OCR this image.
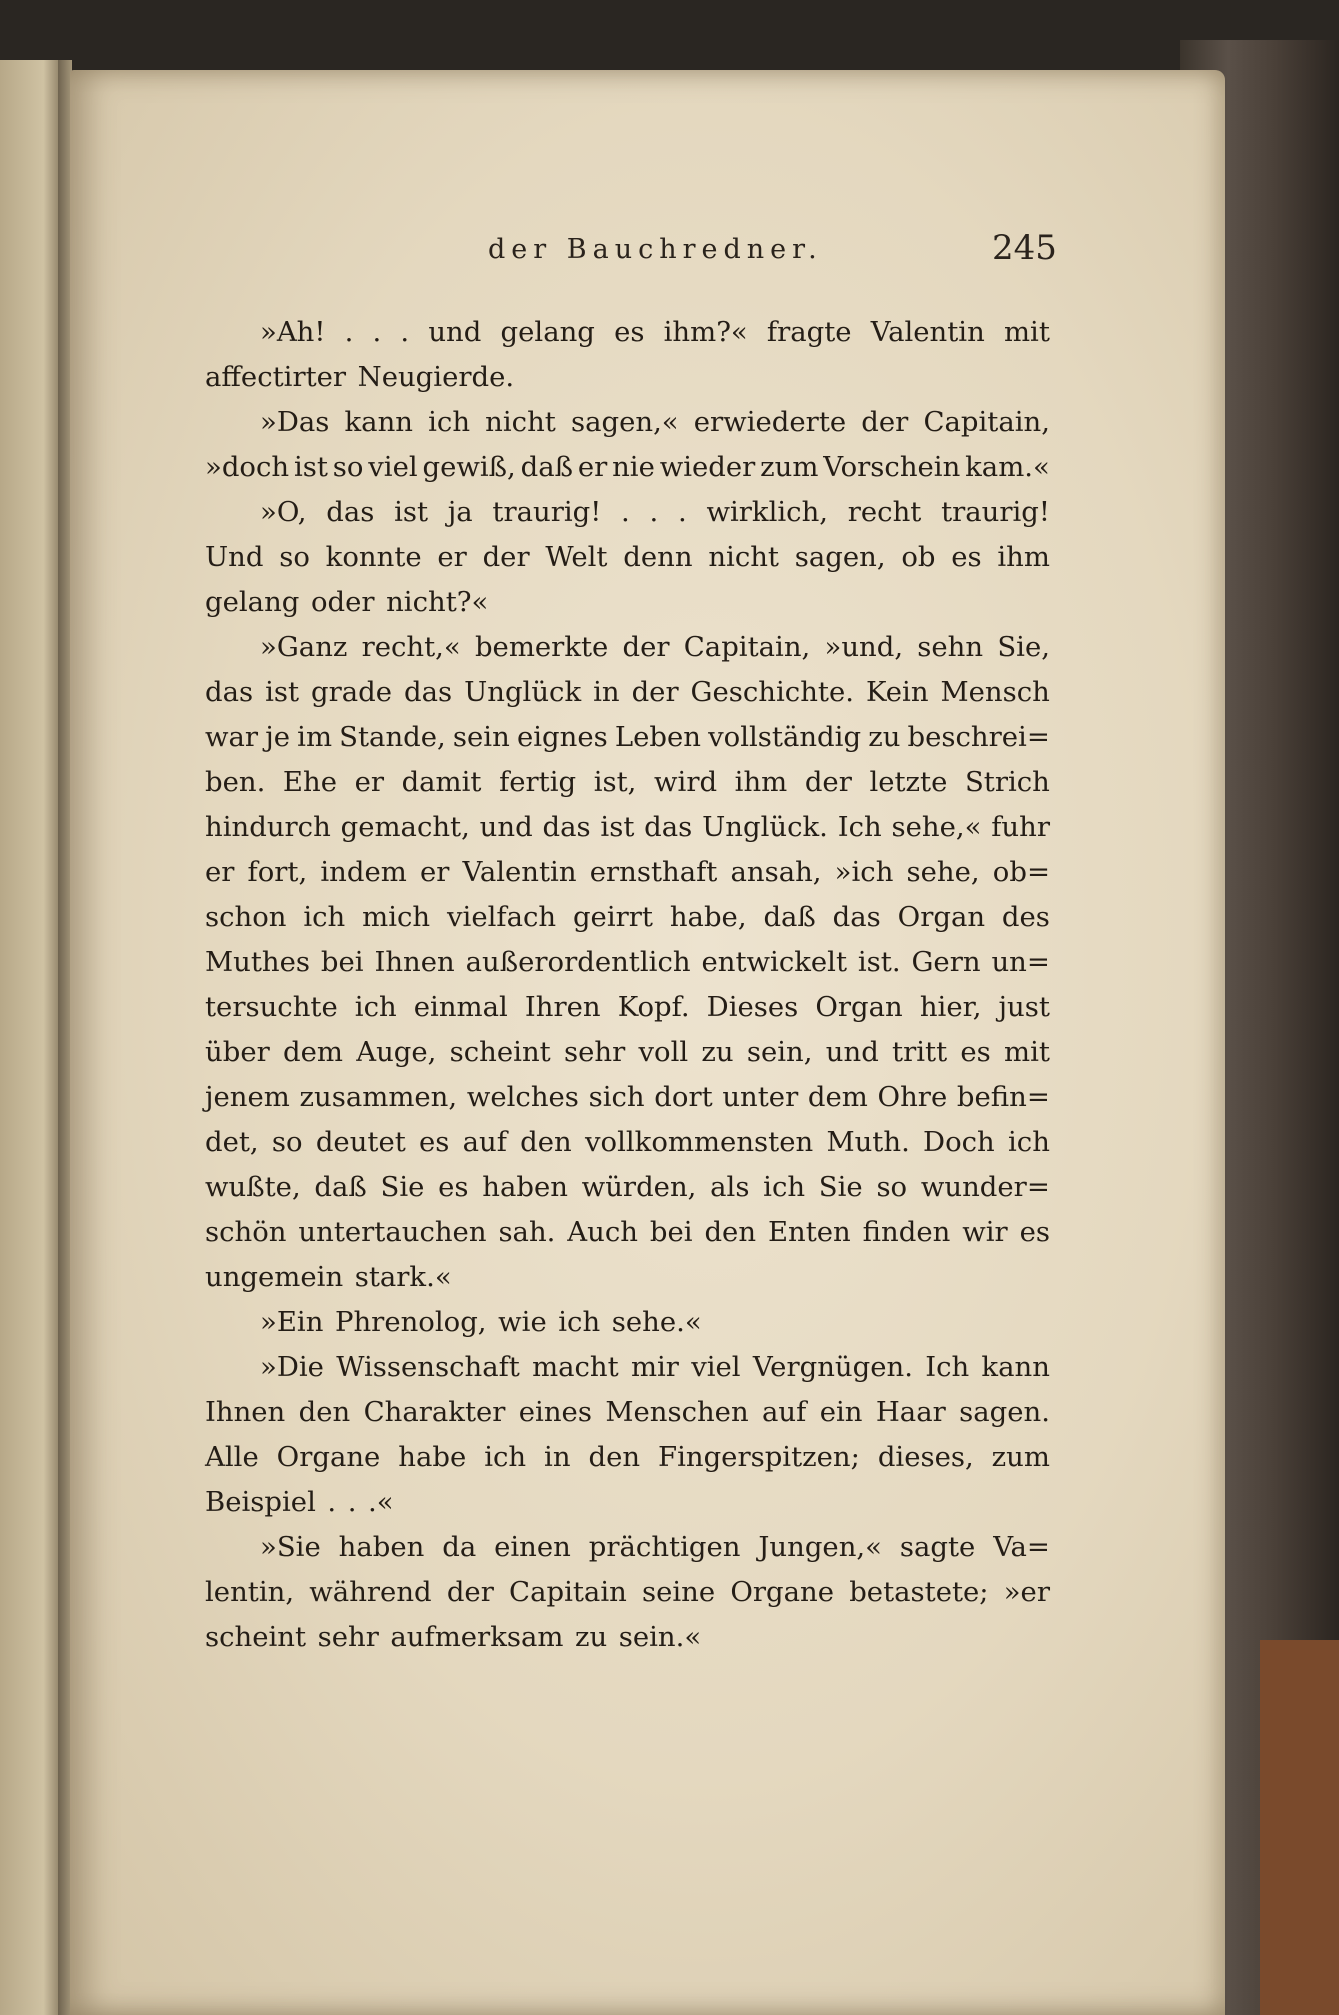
der Bauchredner.	245
»Ah! . . . und gelang es ihm?« fragte Valentin mit
affectirter Neugierde.
»Das kann ich nicht sagen,« erwiederte der Capitain,
»doch ist so viel gewiß, daß er nie wieder zum Vorschein kam.«
»O, das ist ja traurig! . . . wirklich, recht traurig!
Und so konnte er der Welt denn nicht sagen, ob es ihm
gelang oder nicht?«
»Ganz recht,« bemerkte der Capitain, »und, sehn Sie,
das ist grade das Unglück in der Geschichte. Kein Mensch
war je im Stande, sein eignes Leben vollständig zu beschrei=
ben. Ehe er damit fertig ist, wird ihm der letzte Strich
hindurch gemacht, und das ist das Unglück. Ich sehe,« fuhr
er fort, indem er Valentin ernsthaft ansah, »ich sehe, ob=
schon ich mich vielfach geirrt habe, daß das Organ des
Muthes bei Ihnen außerordentlich entwickelt ist. Gern un=
tersuchte ich einmal Ihren Kopf. Dieses Organ hier, just
über dem Auge, scheint sehr voll zu sein, und tritt es mit
jenem zusammen, welches sich dort unter dem Ohre befin=
det, so deutet es auf den vollkommensten Muth. Doch ich
wußte, daß Sie es haben würden, als ich Sie so wunder=
schön untertauchen sah. Auch bei den Enten finden wir es
ungemein stark.«
»Ein Phrenolog, wie ich sehe.«
»Die Wissenschaft macht mir viel Vergnügen. Ich kann
Ihnen den Charakter eines Menschen auf ein Haar sagen.
Alle Organe habe ich in den Fingerspitzen; dieses, zum
Beispiel . . .«
»Sie haben da einen prächtigen Jungen,« sagte Va=
lentin, während der Capitain seine Organe betastete; »er
scheint sehr aufmerksam zu sein.«
